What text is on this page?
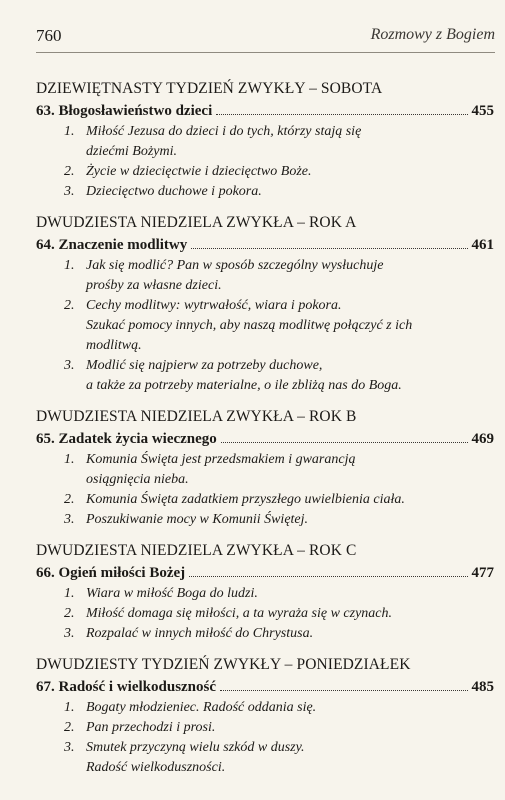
760	Rozmowy z Bogiem
DZIEWIĘTNASTY TYDZIEŃ ZWYKŁY – SOBOTA
63. Błogosławieństwo dzieci	455
1. Miłość Jezusa do dzieci i do tych, którzy stają się
dziećmi Bożymi.
2. Życie w dziecięctwie i dziecięctwo Boże.
3. Dziecięctwo duchowe i pokora.
DWUDZIESTA NIEDZIELA ZWYKŁA – ROK A
64. Znaczenie modlitwy	461
1. Jak się modlić? Pan w sposób szczególny wysłuchuje
prośby za własne dzieci.
2. Cechy modlitwy: wytrwałość, wiara i pokora.
Szukać pomocy innych, aby naszą modlitwę połączyć z ich
modlitwą.
3. Modlić się najpierw za potrzeby duchowe,
a także za potrzeby materialne, o ile zbliżą nas do Boga.
DWUDZIESTA NIEDZIELA ZWYKŁA – ROK B
65. Zadatek życia wiecznego	469
1. Komunia Święta jest przedsmakiem i gwarancją
osiągnięcia nieba.
2. Komunia Święta zadatkiem przyszłego uwielbienia ciała.
3. Poszukiwanie mocy w Komunii Świętej.
DWUDZIESTA NIEDZIELA ZWYKŁA – ROK C
66. Ogień miłości Bożej	477
1. Wiara w miłość Boga do ludzi.
2. Miłość domaga się miłości, a ta wyraża się w czynach.
3. Rozpalać w innych miłość do Chrystusa.
DWUDZIESTY TYDZIEŃ ZWYKŁY – PONIEDZIAŁEK
67. Radość i wielkoduszność	485
1. Bogaty młodzieniec. Radość oddania się.
2. Pan przechodzi i prosi.
3. Smutek przyczyną wielu szkód w duszy.
Radość wielkoduszności.
